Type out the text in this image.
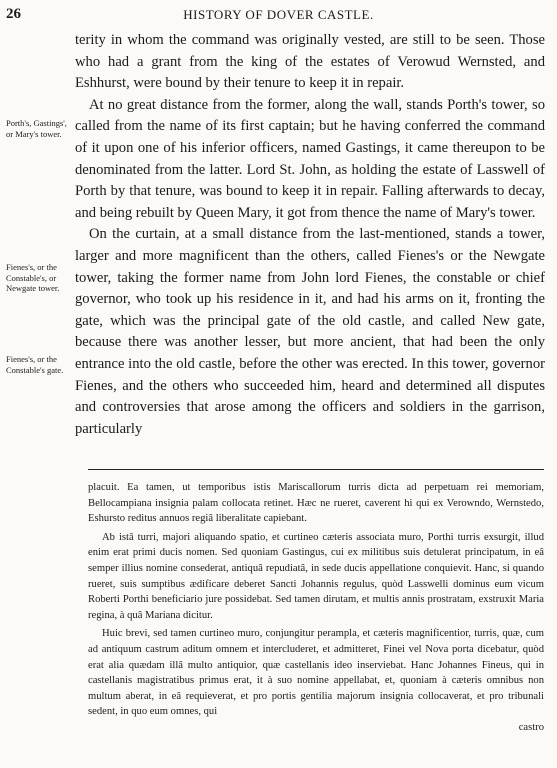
26	HISTORY OF DOVER CASTLE.
Porth's, Gastings', or Mary's tower.
Fienes's, or the Constable's, or Newgate tower.
Fienes's, or the Constable's gate.

terity in whom the command was originally vested, are still to be seen. Those who had a grant from the king of the estates of Verowud Wernsted, and Eshhurst, were bound by their tenure to keep it in repair.

At no great distance from the former, along the wall, stands Porth's tower, so called from the name of its first captain; but he having conferred the command of it upon one of his inferior officers, named Gastings, it came thereupon to be denominated from the latter. Lord St. John, as holding the estate of Lasswell of Porth by that tenure, was bound to keep it in repair. Falling afterwards to decay, and being rebuilt by Queen Mary, it got from thence the name of Mary's tower.

On the curtain, at a small distance from the last-mentioned, stands a tower, larger and more magnificent than the others, called Fienes's or the Newgate tower, taking the former name from John lord Fienes, the constable or chief governor, who took up his residence in it, and had his arms on it, fronting the gate, which was the principal gate of the old castle, and called New gate, because there was another lesser, but more ancient, that had been the only entrance into the old castle, before the other was erected. In this tower, governor Fienes, and the others who succeeded him, heard and determined all disputes and controversies that arose among the officers and soldiers in the garrison, particularly

placuit. Ea tamen, ut temporibus istis Mariscallorum turris dicta ad perpetuam rei memoriam, Bellocampiana insignia palam collocata retinet. Hæc ne rueret, caverent hi qui ex Verowndo, Wernstedo, Eshursto reditus annuos regiâ liberalitate capiebant.

Ab istâ turri, majori aliquando spatio, et curtineo cæteris associata muro, Porthi turris exsurgit, illud enim erat primi ducis nomen. Sed quoniam Gastingus, cui ex militibus suis detulerat principatum, in eâ semper illius nomine consederat, antiquâ repudiatâ, in sede ducis appellatione conquievit. Hanc, si quando rueret, suis sumptibus ædificare deberet Sancti Johannis regulus, quòd Lasswelli dominus eum vicum Roberti Porthi beneficiario jure possidebat. Sed tamen dirutam, et multis annis prostratam, exstruxit Maria regina, à quâ Mariana dicitur.

Huic brevi, sed tamen curtineo muro, conjungitur perampla, et cæteris magnificentior, turris, quæ, cum ad antiquum castrum aditum omnem et intercluderet, et admitteret, Finei vel Nova porta dicebatur, quòd erat alia quædam illâ multo antiquior, quæ castellanis ideo inserviebat. Hanc Johannes Fineus, qui in castellanis magistratibus primus erat, it à suo nomine appellabat, et, quoniam à cæteris omnibus non multum aberat, in eâ requieverat, et pro portis gentilia majorum insignia collocaverat, et pro tribunali sedent, in quo eum omnes, qui

castro
